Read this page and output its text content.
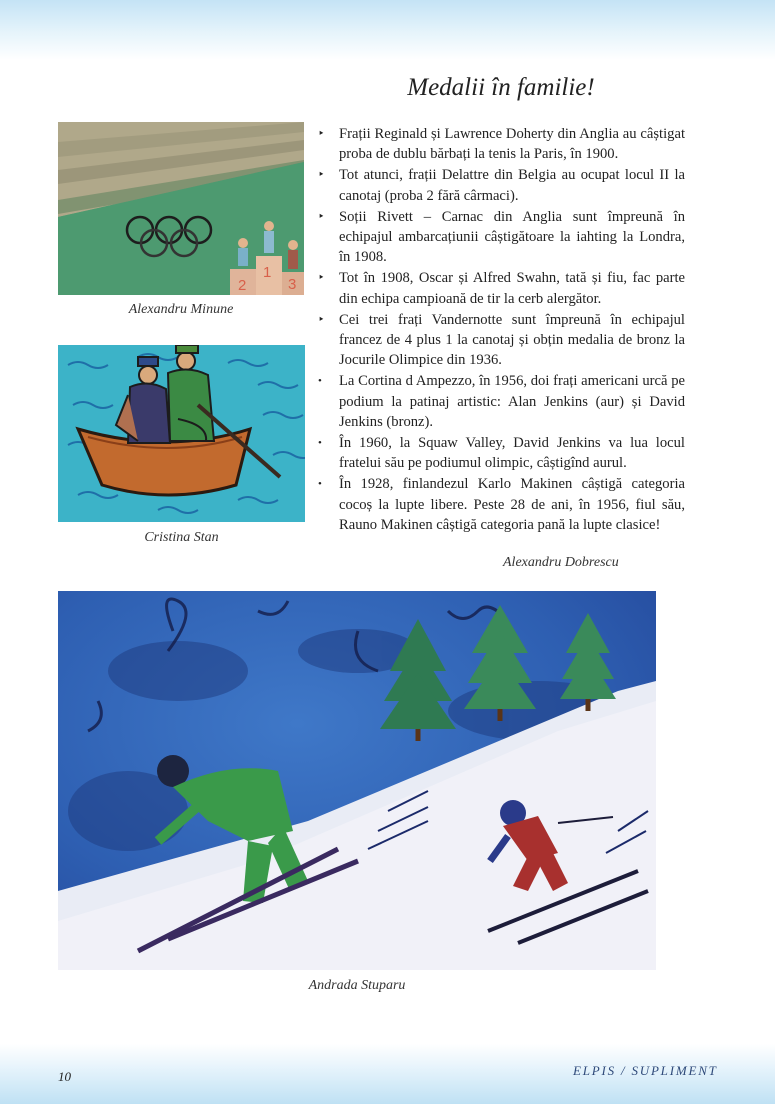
Medalii în familie!
2
1
3
Alexandru Minune
Cristina Stan
‣ Frații Reginald și Lawrence Doherty din Anglia au câștigat proba de dublu bărbați la tenis la Paris, în 1900.
‣ Tot atunci, frații Delattre din Belgia au ocupat locul II la canotaj (proba 2 fără cârmaci).
‣ Soții Rivett – Carnac din Anglia sunt împreună în echipajul ambarcațiunii câștigătoare la iahting la Londra, în 1908.
‣ Tot în 1908, Oscar și Alfred Swahn, tată și fiu, fac parte din echipa campioană de tir la cerb alergător.
‣ Cei trei frați Vandernotte sunt împreună în echipajul francez de 4 plus 1 la canotaj și obțin medalia de bronz la Jocurile Olimpice din 1936.
• La Cortina d Ampezzo, în 1956, doi frați americani urcă pe podium la patinaj artistic: Alan Jenkins (aur) și David Jenkins (bronz).
• În 1960, la Squaw Valley, David Jenkins va lua locul fratelui său pe podiumul olimpic, câștigînd aurul.
• În 1928, finlandezul Karlo Makinen câștigă categoria cocoș la lupte libere. Peste 28 de ani, în 1956, fiul său, Rauno Makinen câștigă categoria pană la lupte clasice!
Alexandru Dobrescu
Andrada Stuparu
10	ELPIS / SUPLIMENT
